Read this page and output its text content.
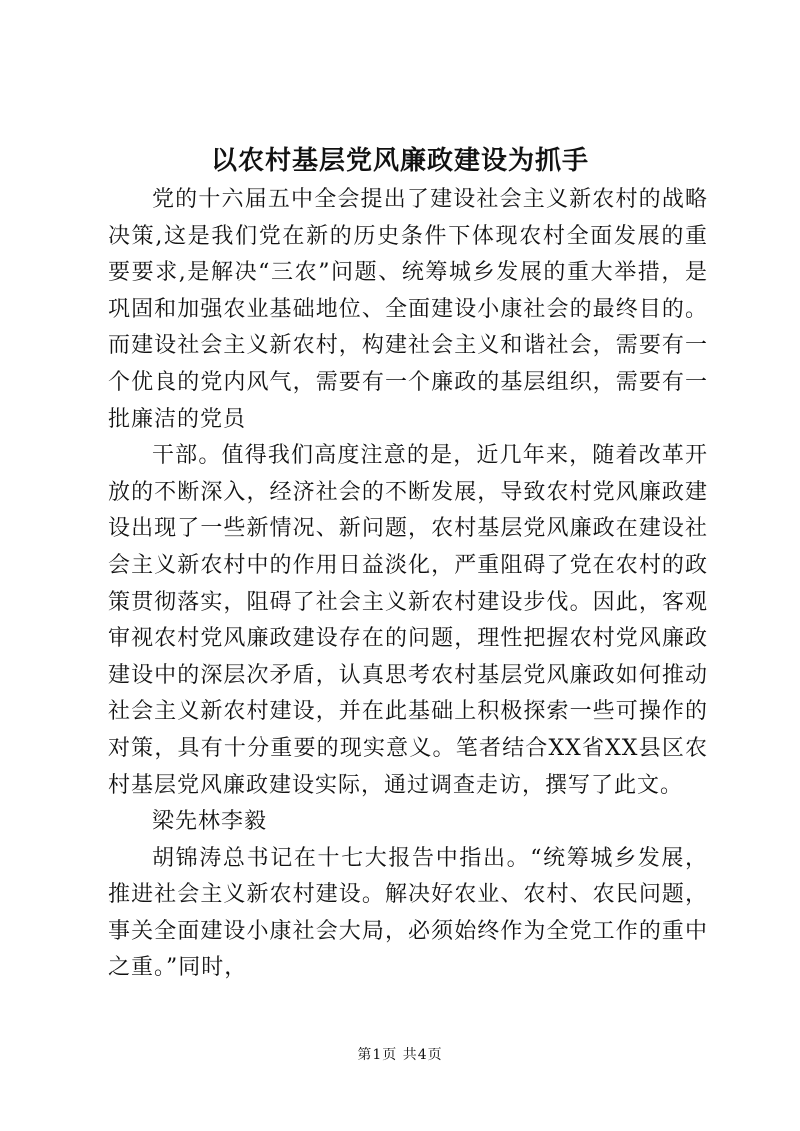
以农村基层党风廉政建设为抓手

党的十六届五中全会提出了建设社会主义新农村的战略决策,这是我们党在新的历史条件下体现农村全面发展的重要要求,是解决“三农”问题、统筹城乡发展的重大举措，是巩固和加强农业基础地位、全面建设小康社会的最终目的。而建设社会主义新农村，构建社会主义和谐社会，需要有一个优良的党内风气，需要有一个廉政的基层组织，需要有一批廉洁的党员

干部。值得我们高度注意的是，近几年来，随着改革开放的不断深入，经济社会的不断发展，导致农村党风廉政建设出现了一些新情况、新问题，农村基层党风廉政在建设社会主义新农村中的作用日益淡化，严重阻碍了党在农村的政策贯彻落实，阻碍了社会主义新农村建设步伐。因此，客观审视农村党风廉政建设存在的问题，理性把握农村党风廉政建设中的深层次矛盾，认真思考农村基层党风廉政如何推动社会主义新农村建设，并在此基础上积极探索一些可操作的对策，具有十分重要的现实意义。笔者结合XX省XX县区农村基层党风廉政建设实际，通过调查走访，撰写了此文。

梁先林李毅

胡锦涛总书记在十七大报告中指出。“统筹城乡发展，推进社会主义新农村建设。解决好农业、农村、农民问题，事关全面建设小康社会大局，必须始终作为全党工作的重中之重。”同时，

第1页 共4页
